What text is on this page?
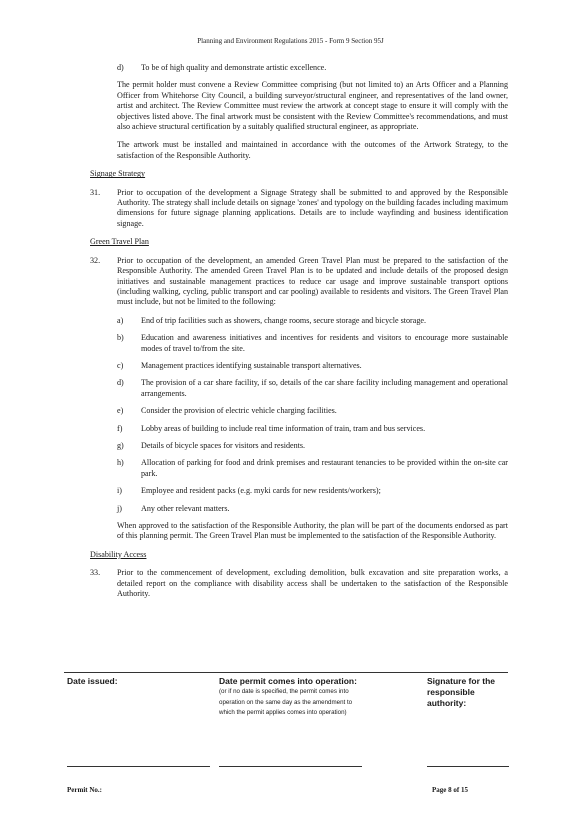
Planning and Environment Regulations 2015 - Form 9 Section 95J
d)	To be of high quality and demonstrate artistic excellence.

The permit holder must convene a Review Committee comprising (but not limited to) an Arts Officer and a Planning Officer from Whitehorse City Council, a building surveyor/structural engineer, and representatives of the land owner, artist and architect. The Review Committee must review the artwork at concept stage to ensure it will comply with the objectives listed above. The final artwork must be consistent with the Review Committee's recommendations, and must also achieve structural certification by a suitably qualified structural engineer, as appropriate.

The artwork must be installed and maintained in accordance with the outcomes of the Artwork Strategy, to the satisfaction of the Responsible Authority.

Signage Strategy
31.	Prior to occupation of the development a Signage Strategy shall be submitted to and approved by the Responsible Authority. The strategy shall include details on signage 'zones' and typology on the building facades including maximum dimensions for future signage planning applications. Details are to include wayfinding and business identification signage.
Green Travel Plan
32.	Prior to occupation of the development, an amended Green Travel Plan must be prepared to the satisfaction of the Responsible Authority. The amended Green Travel Plan is to be updated and include details of the proposed design initiatives and sustainable management practices to reduce car usage and improve sustainable transport options (including walking, cycling, public transport and car pooling) available to residents and visitors. The Green Travel Plan must include, but not be limited to the following:
a)	End of trip facilities such as showers, change rooms, secure storage and bicycle storage.
b)	Education and awareness initiatives and incentives for residents and visitors to encourage more sustainable modes of travel to/from the site.
c)	Management practices identifying sustainable transport alternatives.
d)	The provision of a car share facility, if so, details of the car share facility including management and operational arrangements.
e)	Consider the provision of electric vehicle charging facilities.
f)	Lobby areas of building to include real time information of train, tram and bus services.
g)	Details of bicycle spaces for visitors and residents.
h)	Allocation of parking for food and drink premises and restaurant tenancies to be provided within the on-site car park.
i)	Employee and resident packs (e.g. myki cards for new residents/workers);
j)	Any other relevant matters.

When approved to the satisfaction of the Responsible Authority, the plan will be part of the documents endorsed as part of this planning permit. The Green Travel Plan must be implemented to the satisfaction of the Responsible Authority.

Disability Access
33.	Prior to the commencement of development, excluding demolition, bulk excavation and site preparation works, a detailed report on the compliance with disability access shall be undertaken to the satisfaction of the Responsible Authority.
Date issued:	Date permit comes into operation:
(or if no date is specified, the permit comes into operation on the same day as the amendment to which the permit applies comes into operation)
Signature for the responsible authority:
Permit No.:	Page 8 of 15
